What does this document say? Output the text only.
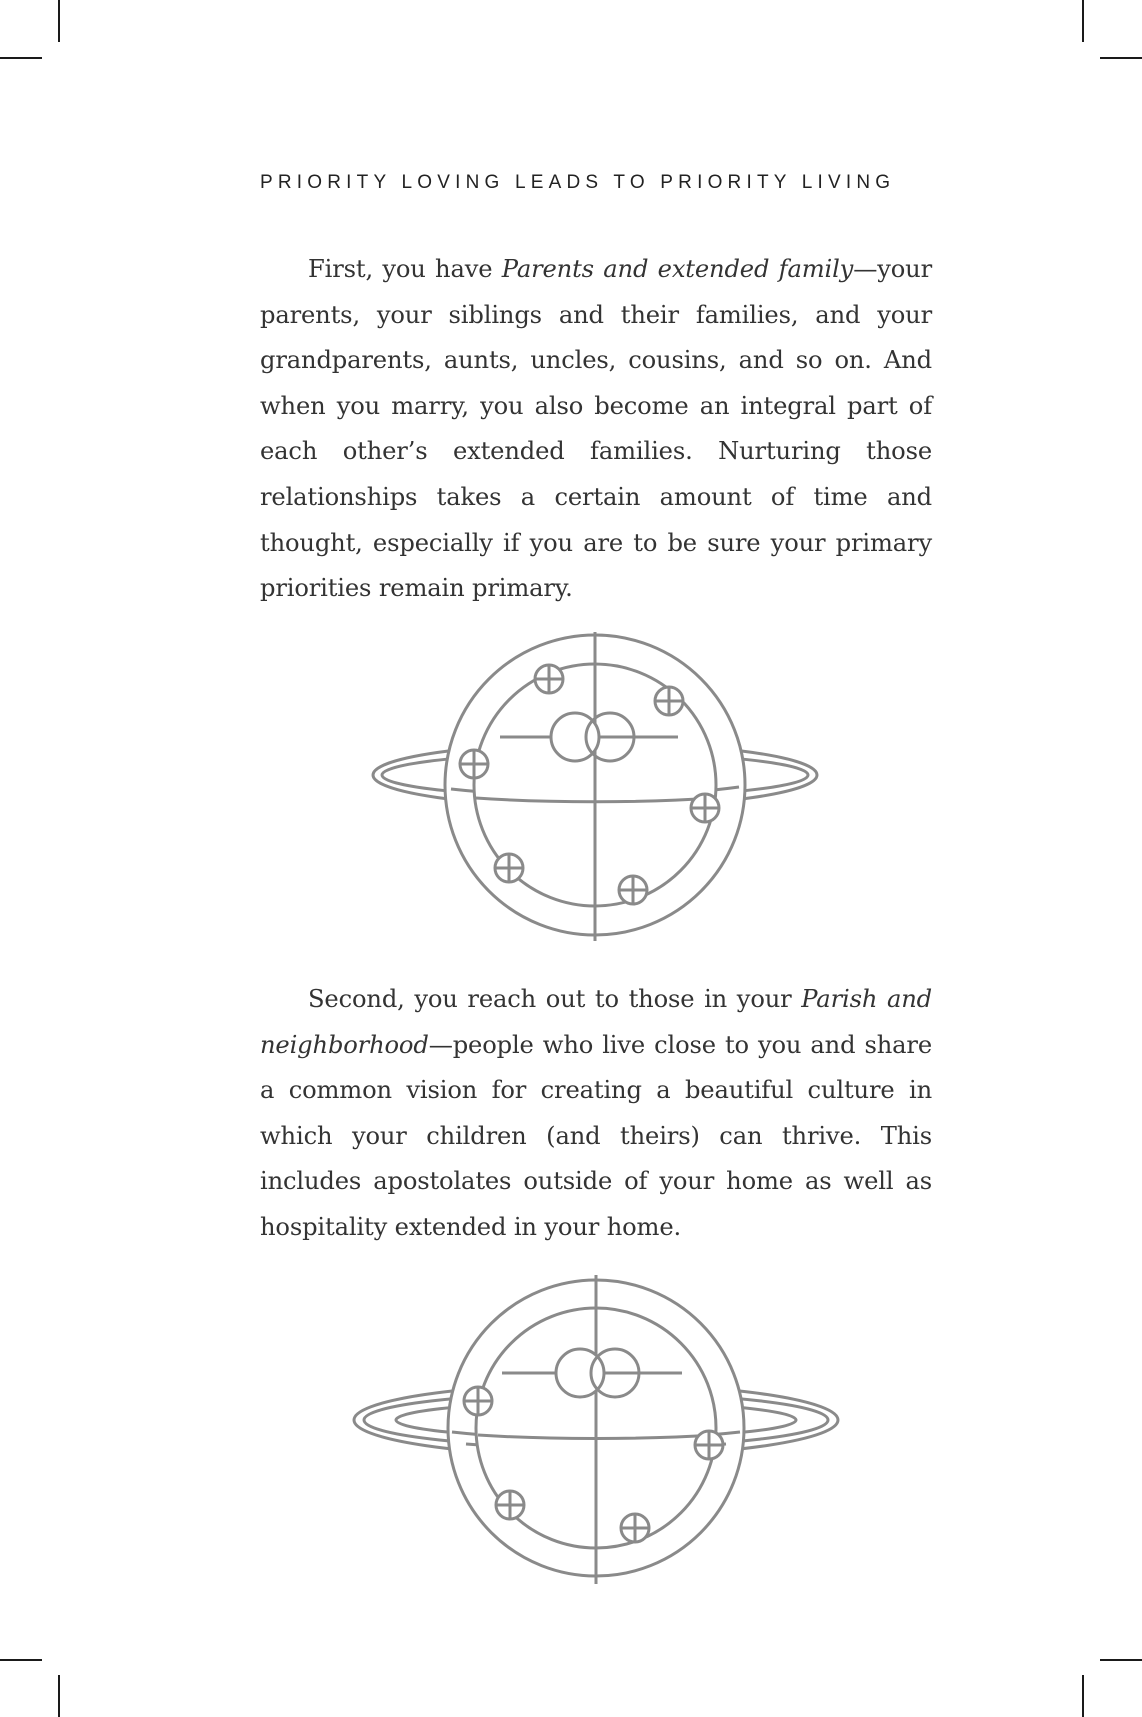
PRIORITY LOVING LEADS TO PRIORITY LIVING

First, you have Parents and extended family—your parents, your siblings and their families, and your grandparents, aunts, uncles, cousins, and so on. And when you marry, you also become an integral part of each other’s extended families. Nurturing those relationships takes a certain amount of time and thought, especially if you are to be sure your primary priorities remain primary.

Second, you reach out to those in your Parish and neighborhood—people who live close to you and share a common vision for creating a beautiful culture in which your children (and theirs) can thrive. This includes apostolates outside of your home as well as hospitality extended in your home.
